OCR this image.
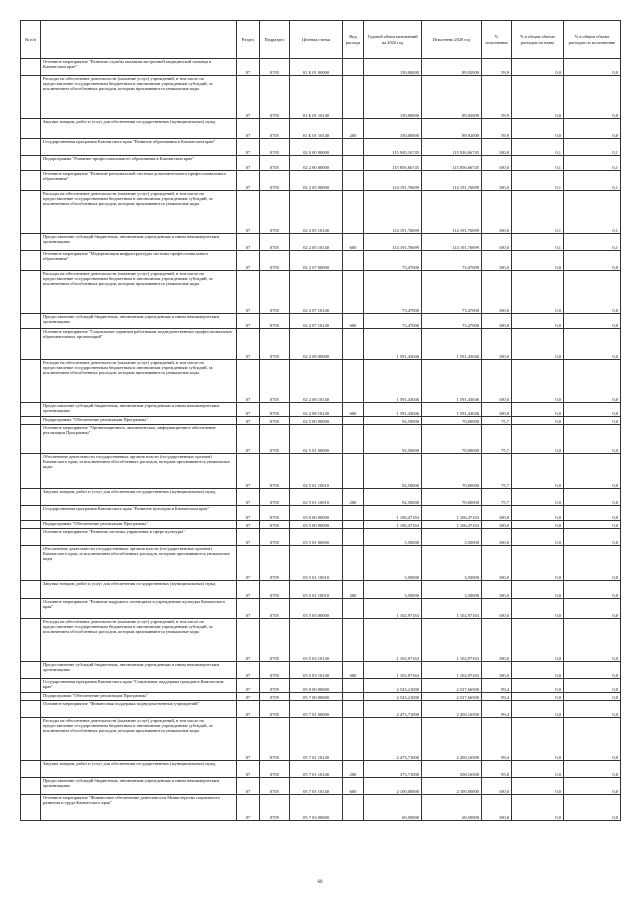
№ п/п		Раздел	Подраздел	Целевая статья	Вид расхода	Годовой объем назначений на 2020 год	Исполнено 2020 год	% исполнения	% в общем объеме расходов на плаву	% в общем объеме расходов по исполнению
	Основное мероприятие "Развитие службы оказания экстренной медицинской помощи в Камчатском крае"	07	0705	01 Б 01 00000		150,00000	89,92000	59,9	0,0	0,0
	Расходы на обеспечение деятельности (оказание услуг) учреждений, в том числе на предоставление государственным бюджетным и автономным учреждениям субсидий, за исключением обособленных расходов, которым присваиваются уникальные коды	07	0705	01 Б 01 10140		150,00000	89,92000	59,9	0,0	0,0
	Закупка товаров, работ и услуг для обеспечения государственных (муниципальных) нужд	07	0705	01 Б 01 10140	200	150,00000	89,92000	59,9	0,0	0,0
	Государственная программа Камчатского края "Развитие образования в Камчатском крае"	07	0705	02 0 00 00000		115 949,16745	115 926,66745	100,0	0,1	0,1
	Подпрограмма "Развитие профессионального образования в Камчатском крае"	07	0705	02 2 00 00000		115 856,66745	115 856,66745	100,0	0,1	0,1
	Основное мероприятие "Развитие региональной системы дополнительного профессионального образования"	07	0705	02 2 05 00000		114 191,76699	114 191,76699	100,0	0,1	0,1
	Расходы на обеспечение деятельности (оказание услуг) учреждений, в том числе на предоставление государственным бюджетным и автономным учреждениям субсидий, за исключением обособленных расходов, которым присваиваются уникальные коды	07	0705	02 2 05 10140		114 191,76699	114 191,76699	100,0	0,1	0,1
	Предоставление субсидий бюджетным, автономным учреждениям и иным некоммерческим организациям	07	0705	02 2 05 10140	600	114 191,76699	114 191,76699	100,0	0,1	0,1
	Основное мероприятие "Модернизация инфраструктуры системы профессионального образования"	07	0705	02 2 07 00000		73,47000	73,47000	100,0	0,0	0,0
	Расходы на обеспечение деятельности (оказание услуг) учреждений, в том числе на предоставление государственным бюджетным и автономным учреждениям субсидий, за исключением обособленных расходов, которым присваиваются уникальные коды	07	0705	02 2 07 10140		73,47000	73,47000	100,0	0,0	0,0
	Предоставление субсидий бюджетным, автономным учреждениям и иным некоммерческим организациям	07	0705	02 2 07 10140	600	73,47000	73,47000	100,0	0,0	0,0
	Основное мероприятие "Социальные гарантии работникам подведомственных профессиональных образовательных организаций"	07	0705	02 2 08 00000		1 591,43046	1 591,43046	100,0	0,0	0,0
	Расходы на обеспечение деятельности (оказание услуг) учреждений, в том числе на предоставление государственным бюджетным и автономным учреждениям субсидий, за исключением обособленных расходов, которым присваиваются уникальные коды	07	0705	02 2 08 10140		1 591,43046	1 591,43046	100,0	0,0	0,0
	Предоставление субсидий бюджетным, автономным учреждениям и иным некоммерческим организациям	07	0705	02 2 08 10140	600	1 591,43046	1 591,43046	100,0	0,0	0,0
	Подпрограмма "Обеспечение реализации Программы"	07	0705	02 5 00 00000		92,50000	70,00000	75,7	0,0	0,0
	Основное мероприятие "Организационное, аналитическое, информационное обеспечение реализации Программы"	07	0705	02 5 01 00000		92,50000	70,00000	75,7	0,0	0,0
	Обеспечение деятельности государственных органов власти (государственных органов) Камчатского края, за исключением обособленных расходов, которым присваиваются уникальные коды	07	0705	02 5 01 10010		92,50000	70,00000	75,7	0,0	0,0
	Закупка товаров, работ и услуг для обеспечения государственных (муниципальных) нужд	07	0705	02 5 01 10010	200	92,50000	70,00000	75,7	0,0	0,0
	Государственная программа Камчатского края "Развитие культуры в Камчатском крае"	07	0705	03 0 00 00000		1 106,47163	1 106,47163	100,0	0,0	0,0
	Подпрограмма "Обеспечение реализации Программы"	07	0705	03 5 00 00000		1 106,47163	1 106,47163	100,0	0,0	0,0
	Основное мероприятие "Развитие системы управления в сфере культуры"	07	0705	03 5 01 00000		3,50000	3,50000	100,0	0,0	0,0
	Обеспечение деятельности государственных органов власти (государственных органов) Камчатского края, за исключением обособленных расходов, которым присваиваются уникальные коды	07	0705	03 5 01 10010		3,50000	3,50000	100,0	0,0	0,0
	Закупка товаров, работ и услуг для обеспечения государственных (муниципальных) нужд	07	0705	03 5 01 10010	200	3,50000	3,50000	100,0	0,0	0,0
	Основное мероприятие "Развитие кадрового потенциала в учреждениях культуры Камчатского края"	07	0705	03 5 03 00000		1 102,97163	1 102,97163	100,0	0,0	0,0
	Расходы на обеспечение деятельности (оказание услуг) учреждений, в том числе на предоставление государственным бюджетным и автономным учреждениям субсидий, за исключением обособленных расходов, которым присваиваются уникальные коды	07	0705	03 5 03 10140		1 102,97163	1 102,97163	100,0	0,0	0,0
	Предоставление субсидий бюджетным, автономным учреждениям и иным некоммерческим организациям	07	0705	03 5 03 10140	600	1 102,97163	1 102,97163	100,0	0,0	0,0
	Государственная программа Камчатского края "Социальная поддержка граждан в Камчатском крае"	07	0705	05 0 00 00000		2 543,21000	2 527,66500	99,4	0,0	0,0
	Подпрограмма "Обеспечение реализации Программы"	07	0705	05 7 00 00000		2 543,21000	2 527,66500	99,4	0,0	0,0
	Основное мероприятие "Финансовая поддержка подведомственных учреждений"	07	0705	05 7 01 00000		2 473,71000	2 458,16500	99,4	0,0	0,0
	Расходы на обеспечение деятельности (оказание услуг) учреждений, в том числе на предоставление государственным бюджетным и автономным учреждениям субсидий, за исключением обособленных расходов, которым присваиваются уникальные коды	07	0705	05 7 01 10140		2 473,71000	2 458,16500	99,4	0,0	0,0
	Закупка товаров, работ и услуг для обеспечения государственных (муниципальных) нужд	07	0705	05 7 01 10140	200	373,71000	358,16500	95,8	0,0	0,0
	Предоставление субсидий бюджетным, автономным учреждениям и иным некоммерческим организациям	07	0705	05 7 01 10140	600	2 100,00000	2 100,00000	100,0	0,0	0,0
	Основное мероприятие "Финансовое обеспечение деятельности Министерства социального развития и труда Камчатского края"	07	0705	05 7 03 00000		69,50000	69,50000	100,0	0,0	0,0
60
